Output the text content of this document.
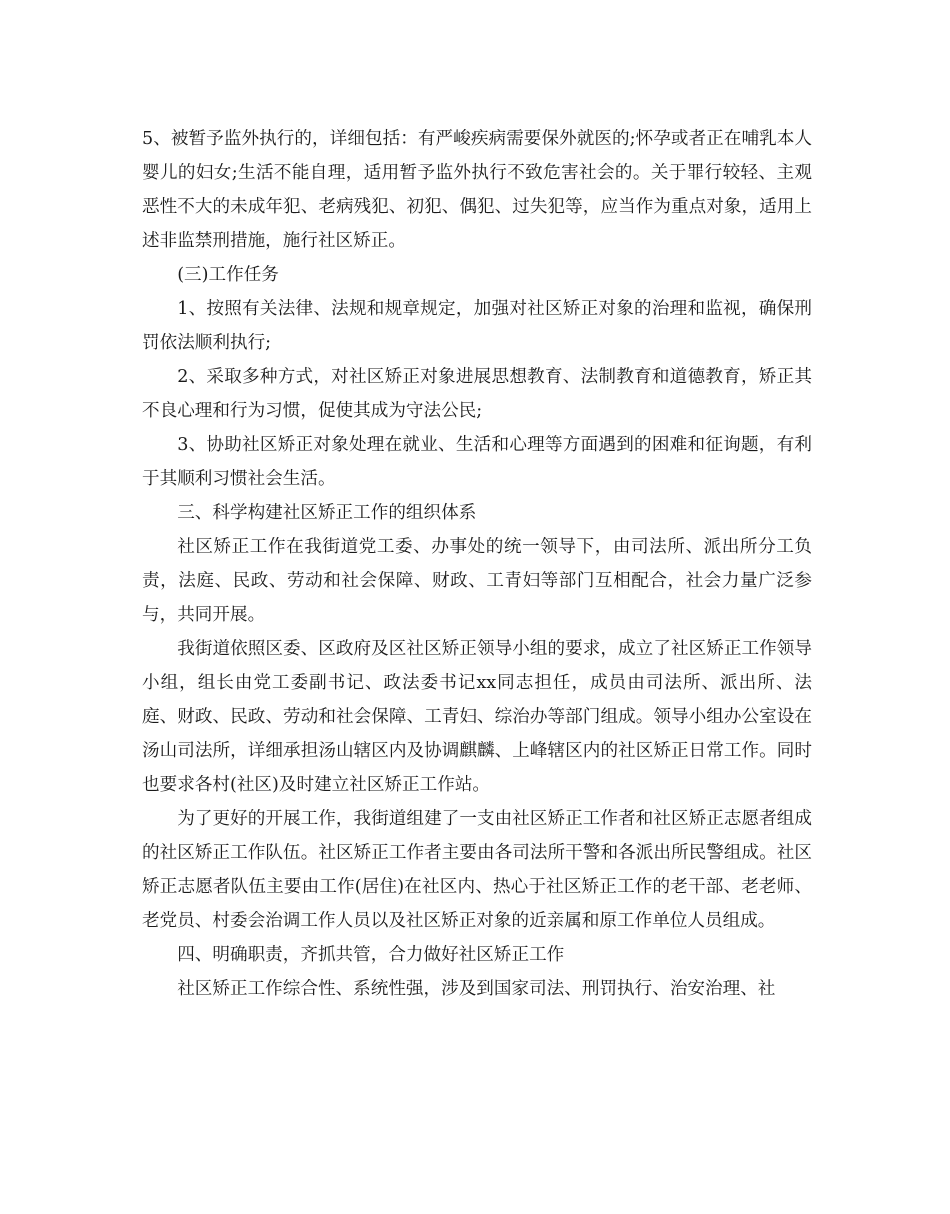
5、被暂予监外执行的，详细包括：有严峻疾病需要保外就医的;怀孕或者正在哺乳本人婴儿的妇女;生活不能自理，适用暂予监外执行不致危害社会的。关于罪行较轻、主观恶性不大的未成年犯、老病残犯、初犯、偶犯、过失犯等，应当作为重点对象，适用上述非监禁刑措施，施行社区矫正。

(三)工作任务

1、按照有关法律、法规和规章规定，加强对社区矫正对象的治理和监视，确保刑罚依法顺利执行;

2、采取多种方式，对社区矫正对象进展思想教育、法制教育和道德教育，矫正其不良心理和行为习惯，促使其成为守法公民;

3、协助社区矫正对象处理在就业、生活和心理等方面遇到的困难和征询题，有利于其顺利习惯社会生活。

三、科学构建社区矫正工作的组织体系

社区矫正工作在我街道党工委、办事处的统一领导下，由司法所、派出所分工负责，法庭、民政、劳动和社会保障、财政、工青妇等部门互相配合，社会力量广泛参与，共同开展。

我街道依照区委、区政府及区社区矫正领导小组的要求，成立了社区矫正工作领导小组，组长由党工委副书记、政法委书记xx同志担任，成员由司法所、派出所、法庭、财政、民政、劳动和社会保障、工青妇、综治办等部门组成。领导小组办公室设在汤山司法所，详细承担汤山辖区内及协调麒麟、上峰辖区内的社区矫正日常工作。同时也要求各村(社区)及时建立社区矫正工作站。

为了更好的开展工作，我街道组建了一支由社区矫正工作者和社区矫正志愿者组成的社区矫正工作队伍。社区矫正工作者主要由各司法所干警和各派出所民警组成。社区矫正志愿者队伍主要由工作(居住)在社区内、热心于社区矫正工作的老干部、老老师、老党员、村委会治调工作人员以及社区矫正对象的近亲属和原工作单位人员组成。

四、明确职责，齐抓共管，合力做好社区矫正工作

社区矫正工作综合性、系统性强，涉及到国家司法、刑罚执行、治安治理、社
